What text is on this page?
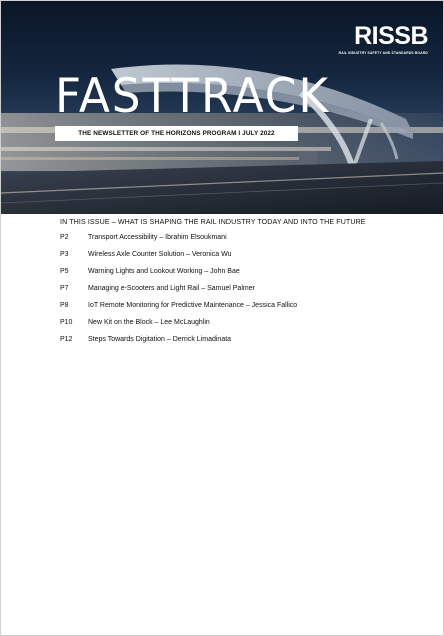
RISSB
RAIL INDUSTRY SAFETY AND STANDARDS BOARD
FASTTRACK
THE NEWSLETTER OF THE HORIZONS PROGRAM I JULY 2022
IN THIS ISSUE – WHAT IS SHAPING THE RAIL INDUSTRY TODAY AND INTO THE FUTURE
P2	Transport Accessibility – Ibrahim Elsoukmani
P3	Wireless Axle Counter Solution – Veronica Wu
P5	Warning Lights and Lookout Working – John Bae
P7	Managing e-Scooters and Light Rail – Samuel Palmer
P8	IoT Remote Monitoring for Predictive Maintenance – Jessica Fallico
P10	New Kit on the Block – Lee McLaughlin
P12	Steps Towards Digitation – Derrick Limadinata
